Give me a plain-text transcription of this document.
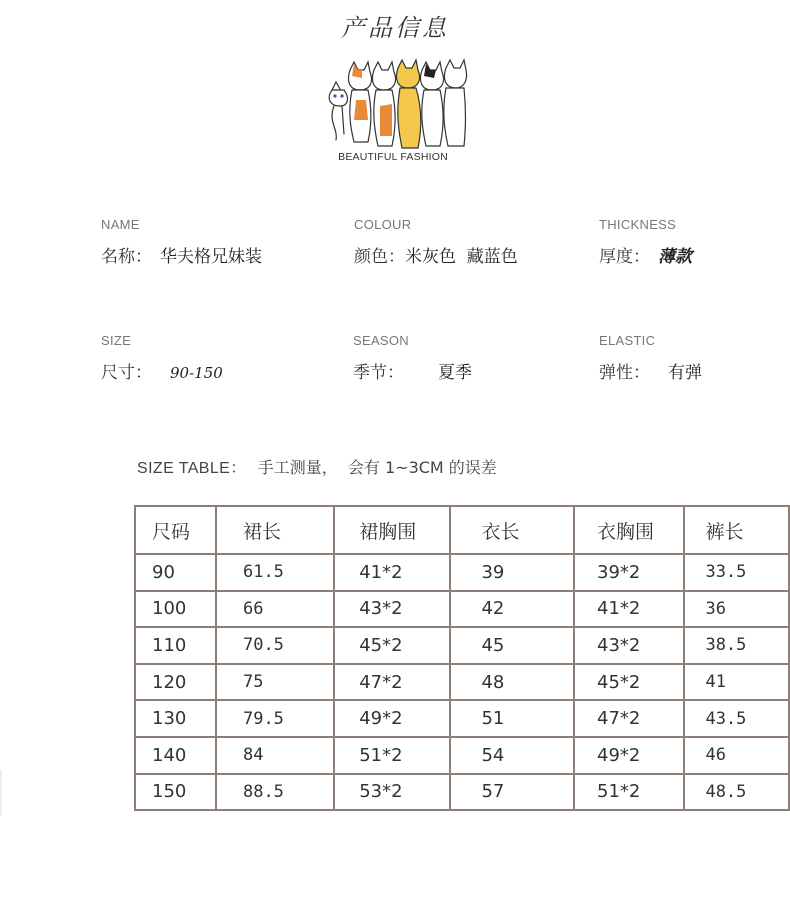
产品信息
BEAUTIFUL FASHION
NAME
名称： 华夫格兄妹装
COLOUR
颜色：米灰色  藏蓝色
THICKNESS
厚度： 薄款
SIZE
尺寸： 90-150
SEASON
季节： 夏季
ELASTIC
弹性： 有弹
SIZE TABLE： 手工测量，  会有 1~3CM 的误差
尺码	裙长	裙胸围	衣长	衣胸围	裤长
90	61.5	41*2	39	39*2	33.5
100	66	43*2	42	41*2	36
110	70.5	45*2	45	43*2	38.5
120	75	47*2	48	45*2	41
130	79.5	49*2	51	47*2	43.5
140	84	51*2	54	49*2	46
150	88.5	53*2	57	51*2	48.5
